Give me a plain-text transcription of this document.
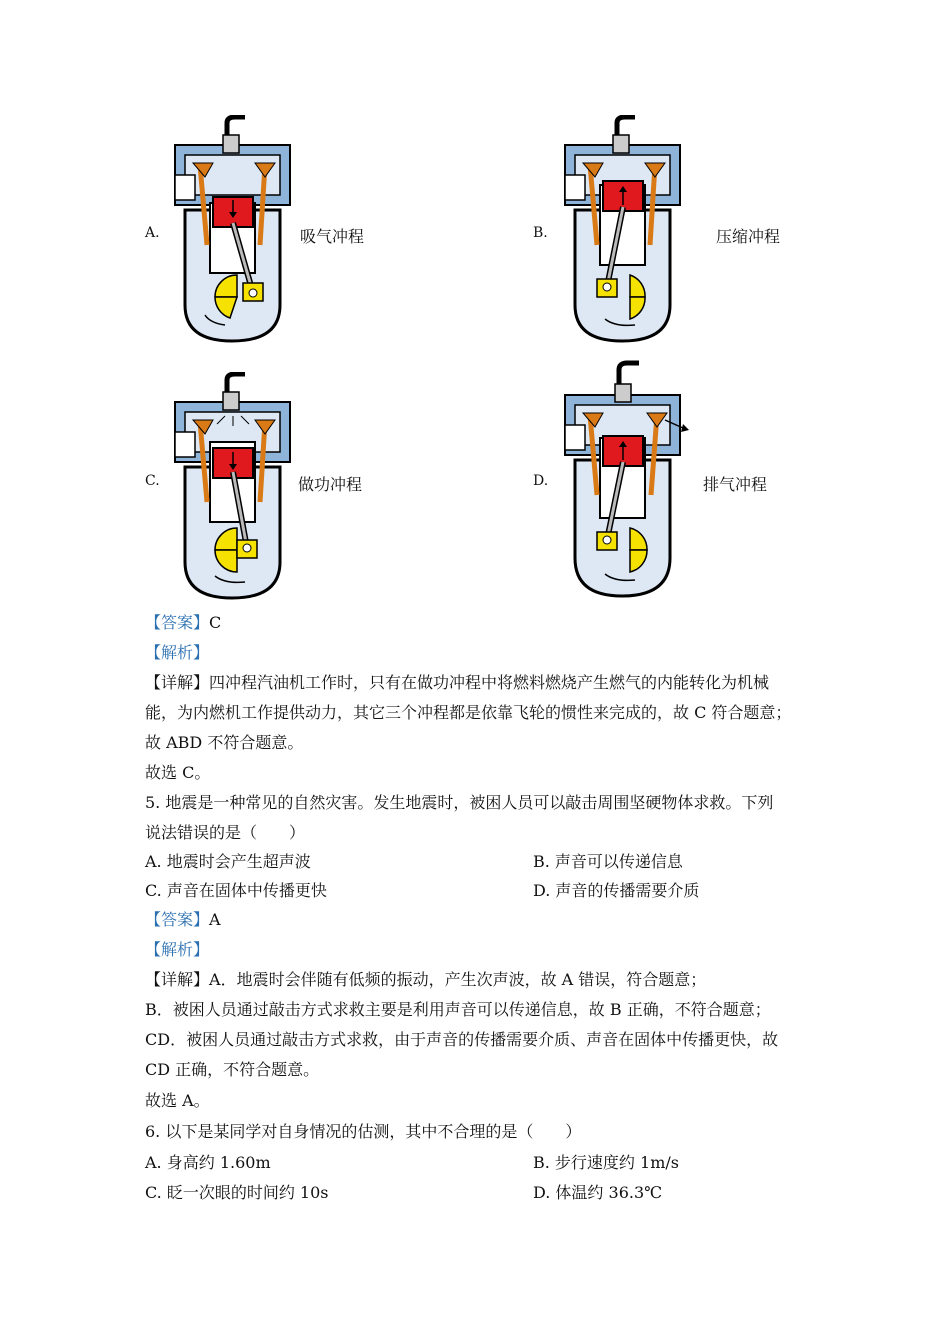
A.	吸气冲程	B.	压缩冲程
C.	做功冲程	D.	排气冲程
【答案】C
【解析】
【详解】四冲程汽油机工作时，只有在做功冲程中将燃料燃烧产生燃气的内能转化为机械
能，为内燃机工作提供动力，其它三个冲程都是依靠飞轮的惯性来完成的，故 C 符合题意；
故 ABD 不符合题意。
故选 C。
5. 地震是一种常见的自然灾害。发生地震时，被困人员可以敲击周围坚硬物体求救。下列
说法错误的是（　　）
A. 地震时会产生超声波	B. 声音可以传递信息
C. 声音在固体中传播更快	D. 声音的传播需要介质
【答案】A
【解析】
【详解】A．地震时会伴随有低频的振动，产生次声波，故 A 错误，符合题意；
B．被困人员通过敲击方式求救主要是利用声音可以传递信息，故 B 正确，不符合题意；
CD．被困人员通过敲击方式求救，由于声音的传播需要介质、声音在固体中传播更快，故
CD 正确，不符合题意。
故选 A。
6. 以下是某同学对自身情况的估测，其中不合理的是（　　）
A. 身高约 1.60m	B. 步行速度约 1m/s
C. 眨一次眼的时间约 10s	D. 体温约 36.3℃
